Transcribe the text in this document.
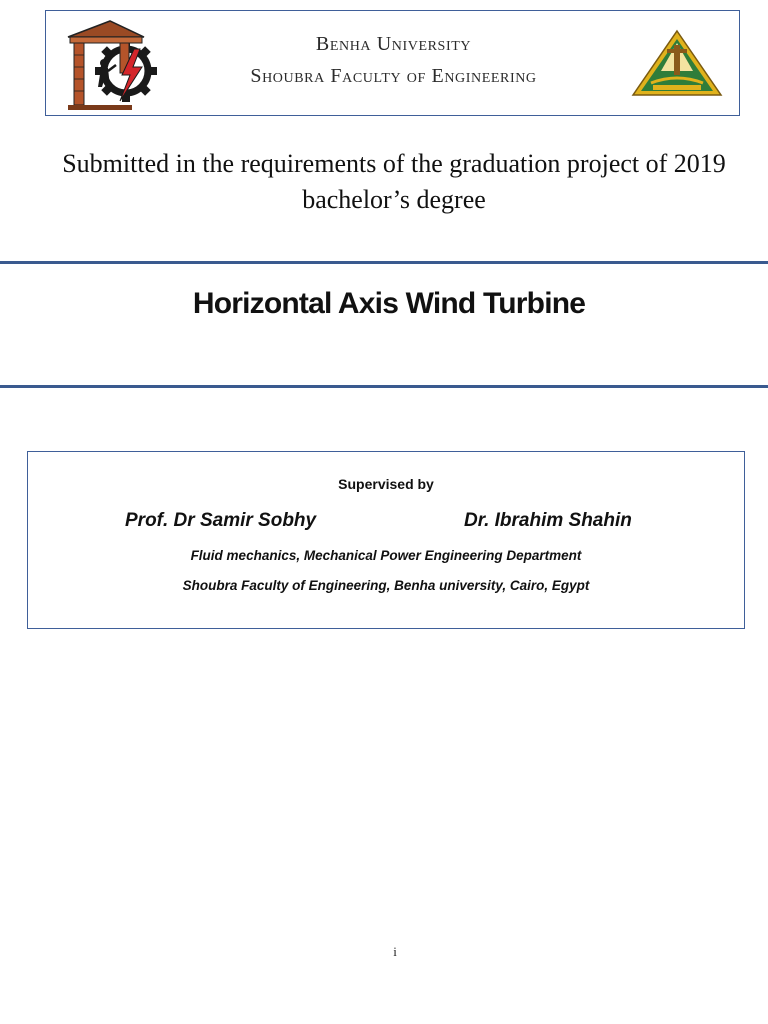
Benha University
Shoubra Faculty of Engineering
Submitted in the requirements of the graduation project of 2019 bachelor’s degree
Horizontal Axis Wind Turbine
Supervised by
Prof. Dr Samir Sobhy	Dr. Ibrahim Shahin
Fluid mechanics, Mechanical Power Engineering Department
Shoubra Faculty of Engineering, Benha university, Cairo, Egypt
i
